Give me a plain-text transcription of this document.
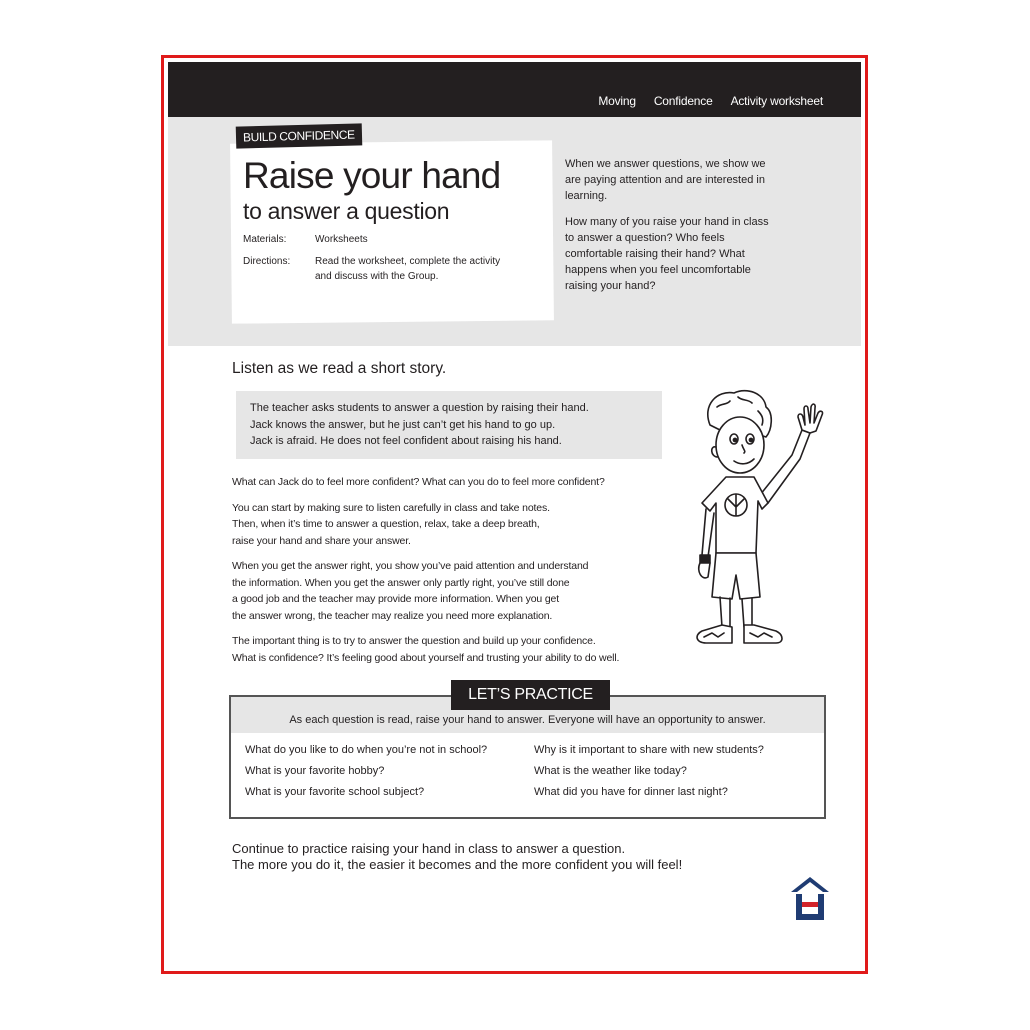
Moving Confidence Activity worksheet
BUILD CONFIDENCE
Raise your hand
to answer a question
Materials:	Worksheets
Directions: Read the worksheet, complete the activity and discuss with the Group.

When we answer questions, we show we are paying attention and are interested in learning.

How many of you raise your hand in class to answer a question? Who feels comfortable raising their hand? What happens when you feel uncomfortable raising your hand?

Listen as we read a short story.
The teacher asks students to answer a question by raising their hand.
Jack knows the answer, but he just can’t get his hand to go up.
Jack is afraid. He does not feel confident about raising his hand.

What can Jack do to feel more confident? What can you do to feel more confident?

You can start by making sure to listen carefully in class and take notes.
Then, when it’s time to answer a question, relax, take a deep breath,
raise your hand and share your answer.

When you get the answer right, you show you’ve paid attention and understand
the information. When you get the answer only partly right, you’ve still done
a good job and the teacher may provide more information. When you get
the answer wrong, the teacher may realize you need more explanation.

The important thing is to try to answer the question and build up your confidence.
What is confidence? It’s feeling good about yourself and trusting your ability to do well.

As each question is read, raise your hand to answer. Everyone will have an opportunity to answer.
What do you like to do when you’re not in school?
What is your favorite hobby?
What is your favorite school subject?
Why is it important to share with new students?
What is the weather like today?
What did you have for dinner last night?
LET’S PRACTICE
Continue to practice raising your hand in class to answer a question.
The more you do it, the easier it becomes and the more confident you will feel!
